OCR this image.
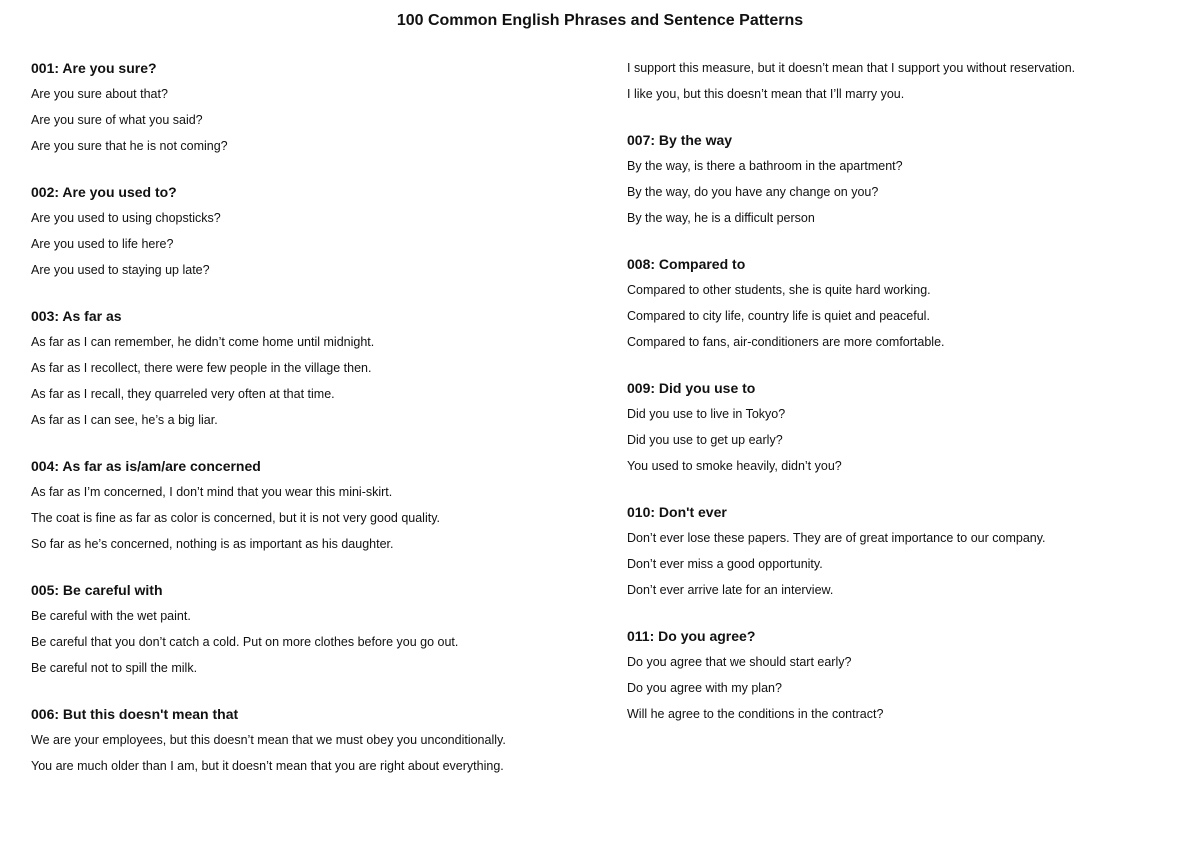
100 Common English Phrases and Sentence Patterns
001: Are you sure?
Are you sure about that?
Are you sure of what you said?
Are you sure that he is not coming?
002: Are you used to?
Are you used to using chopsticks?
Are you used to life here?
Are you used to staying up late?
003: As far as
As far as I can remember, he didn’t come home until midnight.
As far as I recollect, there were few people in the village then.
As far as I recall, they quarreled very often at that time.
As far as I can see, he’s a big liar.
004: As far as is/am/are concerned
As far as I’m concerned, I don’t mind that you wear this mini-skirt.
The coat is fine as far as color is concerned, but it is not very good quality.
So far as he’s concerned, nothing is as important as his daughter.
005: Be careful with
Be careful with the wet paint.
Be careful that you don’t catch a cold. Put on more clothes before you go out.
Be careful not to spill the milk.
006: But this doesn't mean that
We are your employees, but this doesn’t mean that we must obey you unconditionally.
You are much older than I am, but it doesn’t mean that you are right about everything.
I support this measure, but it doesn’t mean that I support you without reservation.
I like you, but this doesn’t mean that I’ll marry you.
007: By the way
By the way, is there a bathroom in the apartment?
By the way, do you have any change on you?
By the way, he is a difficult person
008: Compared to
Compared to other students, she is quite hard working.
Compared to city life, country life is quiet and peaceful.
Compared to fans, air-conditioners are more comfortable.
009: Did you use to
Did you use to live in Tokyo?
Did you use to get up early?
You used to smoke heavily, didn’t you?
010: Don't ever
Don’t ever lose these papers. They are of great importance to our company.
Don’t ever miss a good opportunity.
Don’t ever arrive late for an interview.
011: Do you agree?
Do you agree that we should start early?
Do you agree with my plan?
Will he agree to the conditions in the contract?
